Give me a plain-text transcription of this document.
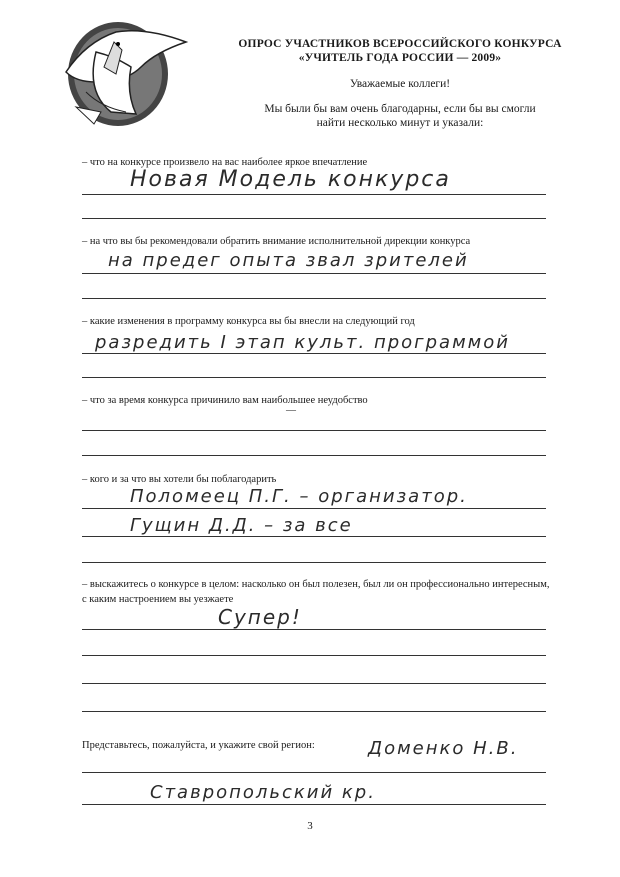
ОПРОС УЧАСТНИКОВ ВСЕРОССИЙСКОГО КОНКУРСА
«УЧИТЕЛЬ ГОДА РОССИИ — 2009»
Уважаемые коллеги!
Мы были бы вам очень благодарны, если бы вы смогли
найти несколько минут и указали:
– что на конкурсе произвело на вас наиболее яркое впечатление
Новая Модель конкурса
– на что вы бы рекомендовали обратить внимание исполнительной дирекции конкурса
на предег опыта звал зрителей
– какие изменения в программу конкурса вы бы внесли на следующий год
разредить I этап культ. программой
– что за время конкурса причинило вам наибольшее неудобство
—
– кого и за что вы хотели бы поблагодарить
Поломеец П.Г. – организатор.
Гущин Д.Д. – за все
– выскажитесь о конкурсе в целом: насколько он был полезен, был ли он профессионально интересным, с каким настроением вы уезжаете
Супер!
Представьтесь, пожалуйста, и укажите свой регион:	Доменко Н.В.
Ставропольский кр.
3
